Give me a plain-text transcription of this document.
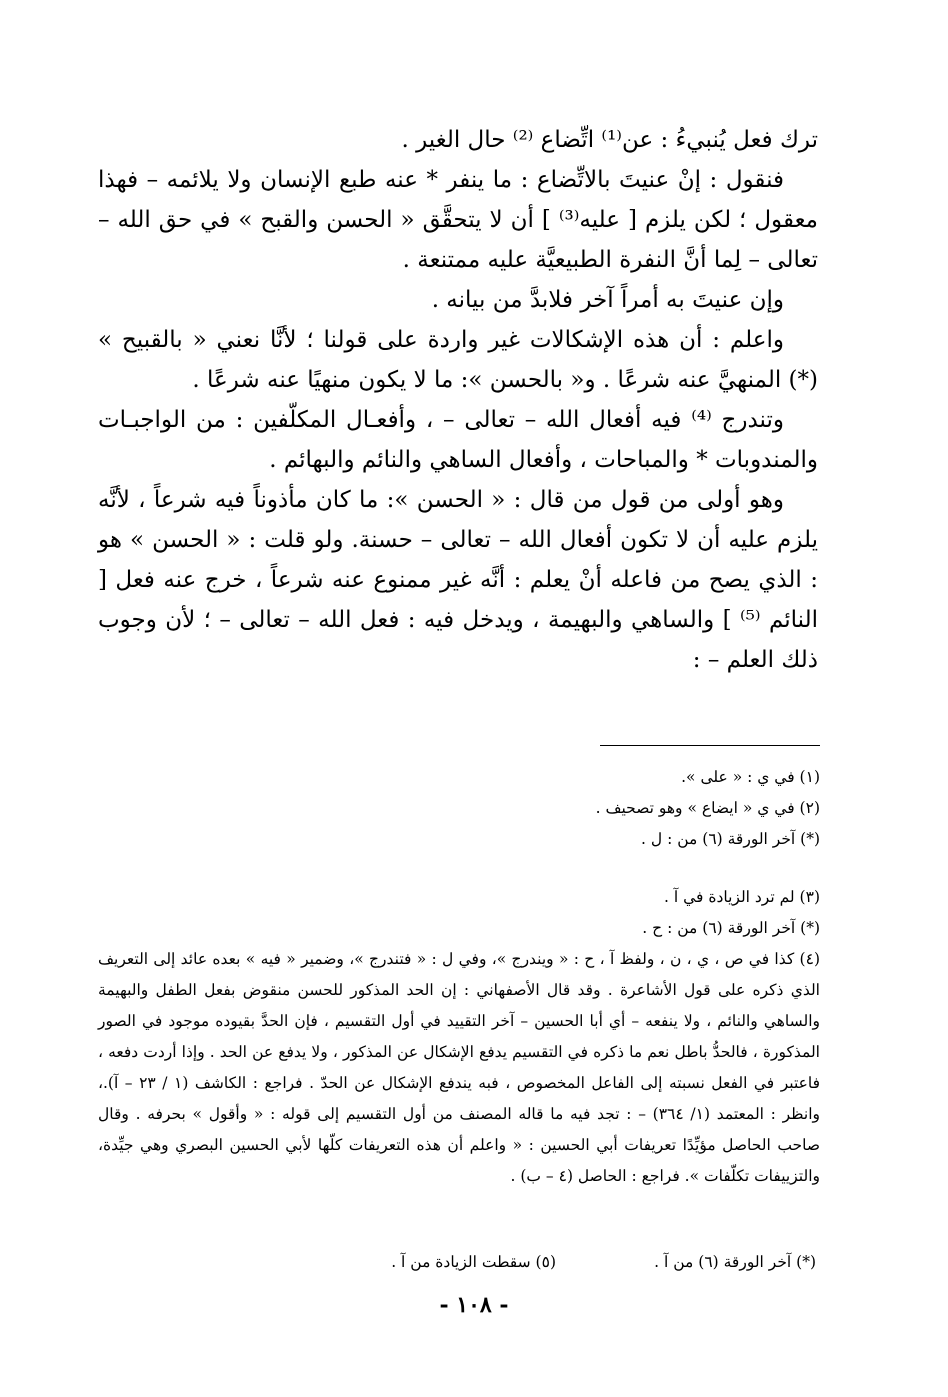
ترك فعل يُنبيءُ : عن⁽¹⁾ اتِّضاع ⁽²⁾ حال الغير .

فنقول : إنْ عنيتَ بالاتِّضاع : ما ينفر * عنه طبع الإنسان ولا يلائمه – فهذا معقول ؛ لكن يلزم [ عليه⁽³⁾ ] أن لا يتحقَّق « الحسن والقبح » في حق الله – تعالى – لِما أنَّ النفرة الطبيعيَّة عليه ممتنعة .

وإن عنيتَ به أمراً آخر فلابدَّ من بيانه .

واعلم : أن هذه الإشكالات غير واردة على قولنا ؛ لأنَّا نعني « بالقبيح » (*) المنهيَّ عنه شرعًا . و« بالحسن »: ما لا يكون منهيًا عنه شرعًا .

وتندرج ⁽⁴⁾ فيه أفعال الله – تعالى – ، وأفعـال المكلّفين : من الواجبـات والمندوبات * والمباحات ، وأفعال الساهي والنائم والبهائم .

وهو أولى من قول من قال : « الحسن »: ما كان مأذوناً فيه شرعاً ، لأنَّه يلزم عليه أن لا تكون أفعال الله – تعالى – حسنة. ولو قلت : « الحسن » هو : الذي يصح من فاعله أنْ يعلم : أنَّه غير ممنوع عنه شرعاً ، خرج عنه فعل [ النائم ⁽⁵⁾ ] والساهي والبهيمة ، ويدخل فيه : فعل الله – تعالى – ؛ لأن وجوب ذلك العلم – :

(١) في ي : « على ».

(٢) في ي « ايضاع » وهو تصحيف .

(*) آخر الورقة (٦) من : ل .

(٣) لم ترد الزيادة في آ .

(*) آخر الورقة (٦) من : ح .

(٤) كذا في ص ، ي ، ن ، ولفظ آ ، ح : « ويندرج »، وفي ل : « فتندرج »، وضمير « فيه » بعده عائد إلى التعريف الذي ذكره على قول الأشاعرة . وقد قال الأصفهاني : إن الحد المذكور للحسن منقوض بفعل الطفل والبهيمة والساهي والنائم ، ولا ينفعه – أي أبا الحسين – آخر التقييد في أول التقسيم ، فإن الحدَّ بقيوده موجود في الصور المذكورة ، فالحدُّ باطل نعم ما ذكره في التقسيم يدفع الإشكال عن المذكور ، ولا يدفع عن الحد . وإذا أردت دفعه ، فاعتبر في الفعل نسبته إلى الفاعل المخصوص ، فبه يندفع الإشكال عن الحدّ . فراجع : الكاشف (١ / ٢٣ – آ).، وانظر : المعتمد (١/ ٣٦٤) – : تجد فيه ما قاله المصنف من أول التقسيم إلى قوله : « وأقول » بحرفه . وقال صاحب الحاصل مؤيِّدًا تعريفات أبي الحسين : « واعلم أن هذه التعريفات كلّها لأبي الحسين البصري وهي جيِّدة، والتزييفات تكلّفات ». فراجع : الحاصل (٤ – ب) .

(*) آخر الورقة (٦) من آ .
(٥) سقطت الزيادة من آ .
- ١٠٨ -
